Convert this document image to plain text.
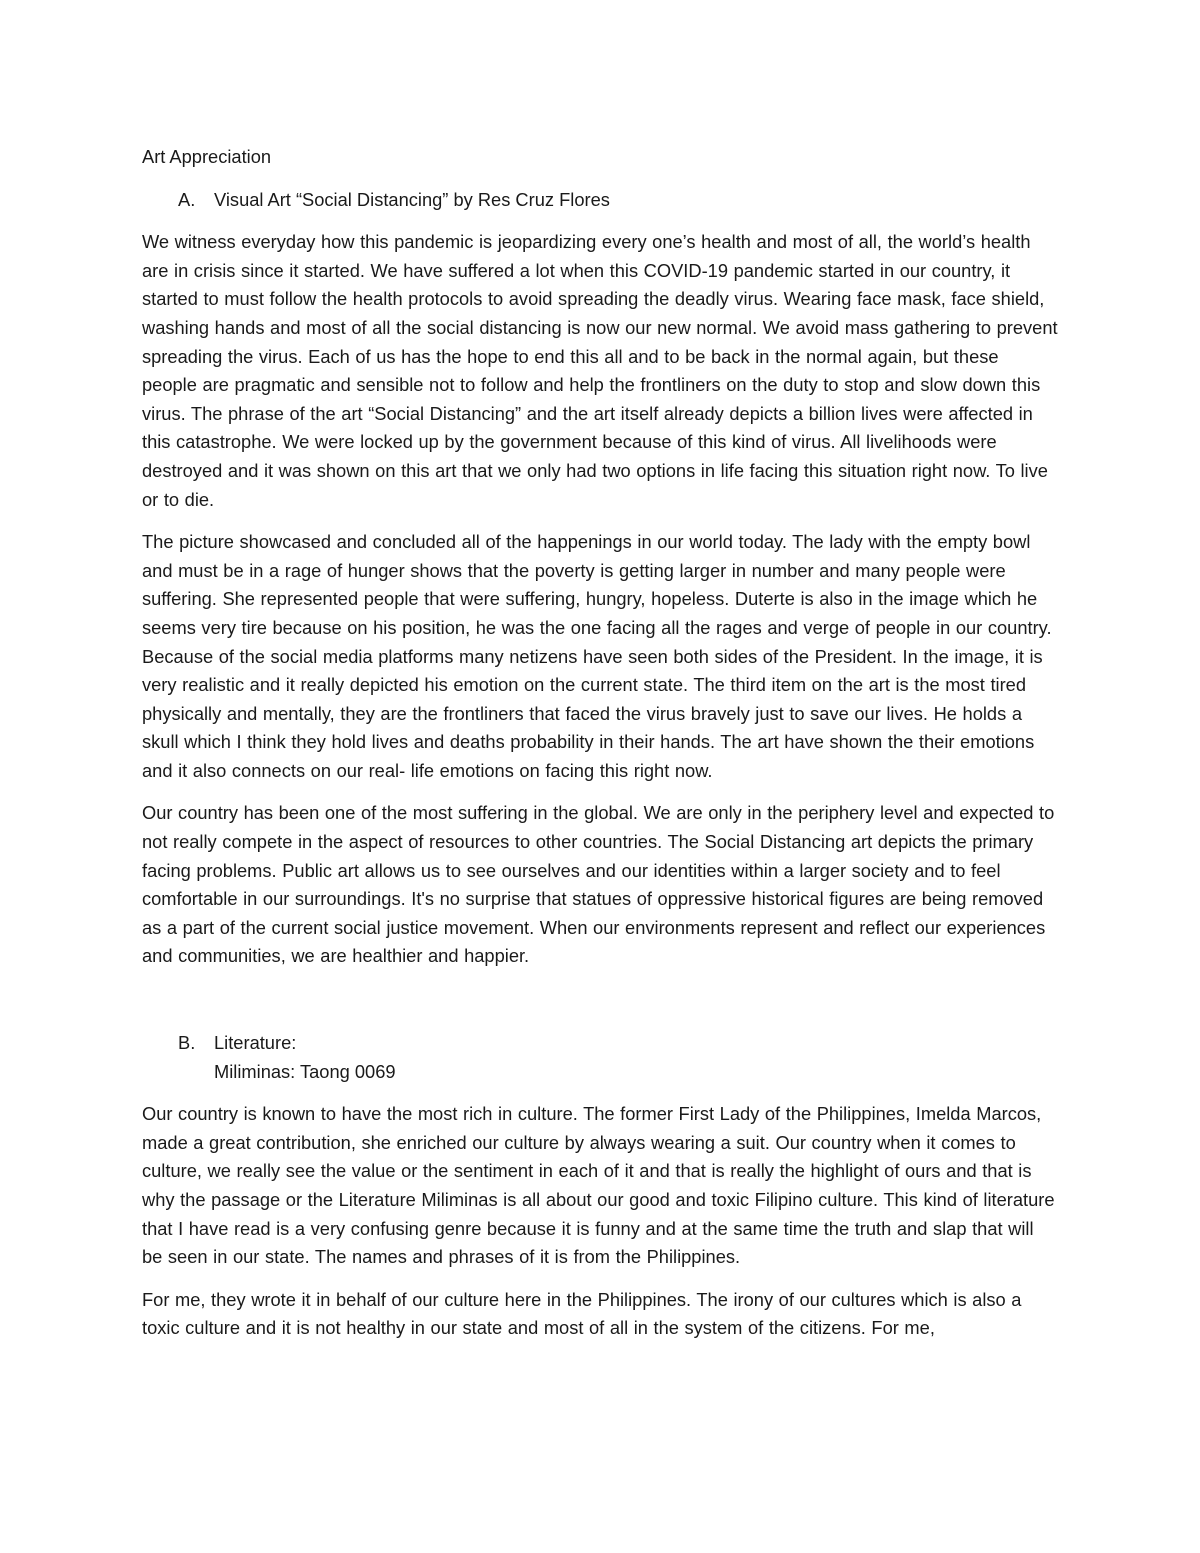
Art Appreciation

A.	Visual Art “Social Distancing” by Res Cruz Flores

We witness everyday how this pandemic is jeopardizing every one’s health and most of all, the world’s health are in crisis since it started. We have suffered a lot when this COVID-19 pandemic started in our country, it started to must follow the health protocols to avoid spreading the deadly virus. Wearing face mask, face shield, washing hands and most of all the social distancing is now our new normal. We avoid mass gathering to prevent spreading the virus. Each of us has the hope to end this all and to be back in the normal again, but these people are pragmatic and sensible not to follow and help the frontliners on the duty to stop and slow down this virus. The phrase of the art “Social Distancing” and the art itself already depicts a billion lives were affected in this catastrophe. We were locked up by the government because of this kind of virus. All livelihoods were destroyed and it was shown on this art that we only had two options in life facing this situation right now. To live or to die.

The picture showcased and concluded all of the happenings in our world today. The lady with the empty bowl and must be in a rage of hunger shows that the poverty is getting larger in number and many people were suffering. She represented people that were suffering, hungry, hopeless. Duterte is also in the image which he seems very tire because on his position, he was the one facing all the rages and verge of people in our country. Because of the social media platforms many netizens have seen both sides of the President. In the image, it is very realistic and it really depicted his emotion on the current state. The third item on the art is the most tired physically and mentally, they are the frontliners that faced the virus bravely just to save our lives. He holds a skull which I think they hold lives and deaths probability in their hands. The art have shown the their emotions and it also connects on our real- life emotions on facing this right now.

Our country has been one of the most suffering in the global. We are only in the periphery level and expected to not really compete in the aspect of resources to other countries. The Social Distancing art depicts the primary facing problems. Public art allows us to see ourselves and our identities within a larger society and to feel comfortable in our surroundings. It's no surprise that statues of oppressive historical figures are being removed as a part of the current social justice movement. When our environments represent and reflect our experiences and communities, we are healthier and happier.

B.	Literature:
Miliminas: Taong 0069

Our country is known to have the most rich in culture. The former First Lady of the Philippines, Imelda Marcos, made a great contribution, she enriched our culture by always wearing a suit. Our country when it comes to culture, we really see the value or the sentiment in each of it and that is really the highlight of ours and that is why the passage or the Literature Miliminas is all about our good and toxic Filipino culture. This kind of literature that I have read is a very confusing genre because it is funny and at the same time the truth and slap that will be seen in our state. The names and phrases of it is from the Philippines.

For me, they wrote it in behalf of our culture here in the Philippines. The irony of our cultures which is also a toxic culture and it is not healthy in our state and most of all in the system of the citizens. For me,
